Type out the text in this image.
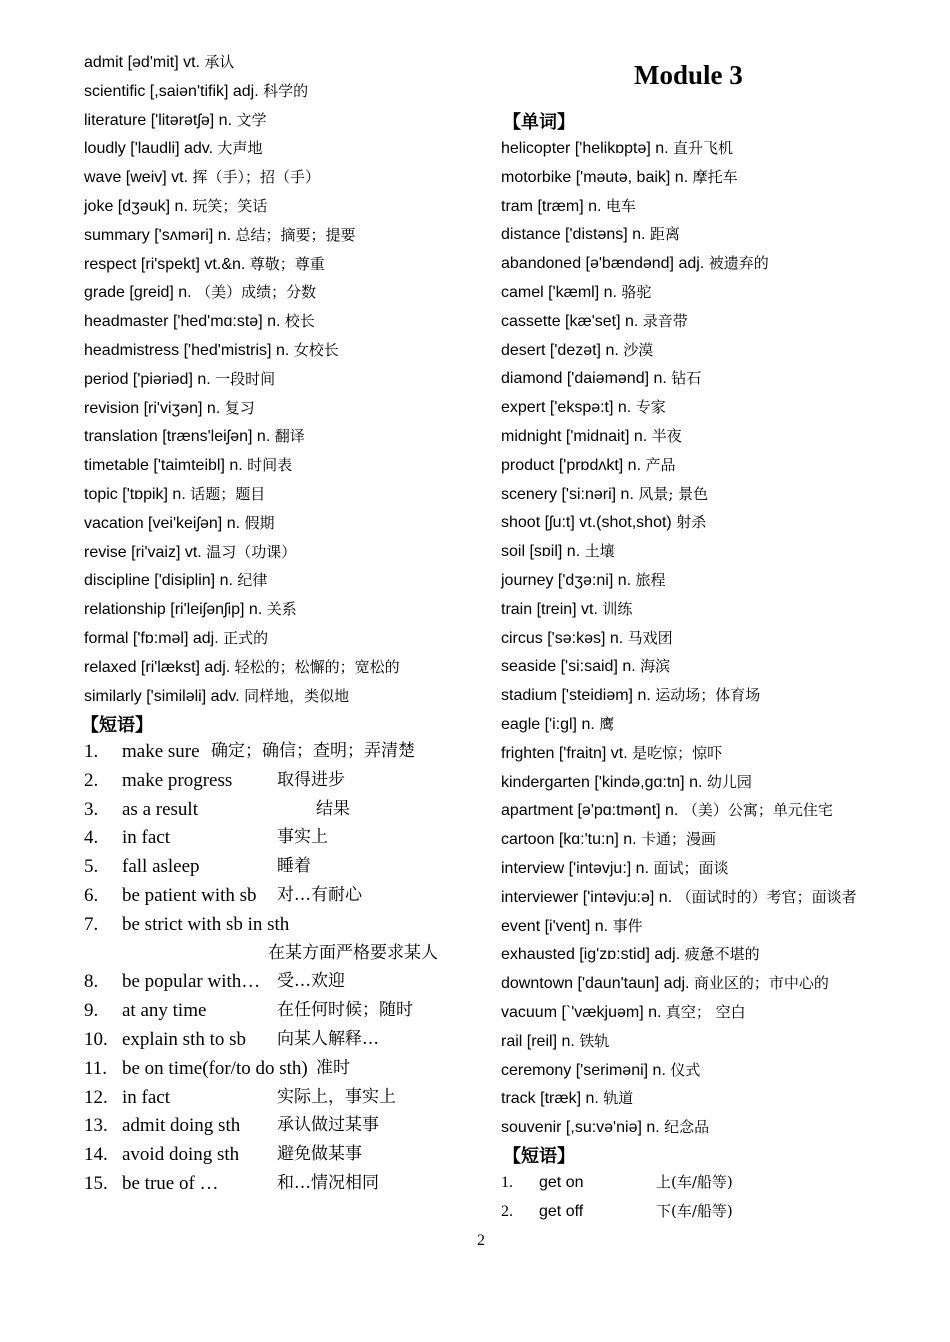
admit [əd'mit] vt. 承认
scientific [,saiən'tifik] adj. 科学的
literature ['litərətʃə] n. 文学
loudly ['laudli] adv. 大声地
wave [weiv] vt. 挥（手）；招（手）
joke [dʒəuk] n. 玩笑；笑话
summary ['sʌməri] n. 总结；摘要；提要
respect [ri'spekt] vt.&n. 尊敬；尊重
grade [greid] n. （美）成绩；分数
headmaster ['hed'mɑ:stə] n. 校长
headmistress ['hed'mistris] n. 女校长
period ['piəriəd] n. 一段时间
revision [ri'viʒən] n. 复习
translation [træns'leiʃən] n. 翻译
timetable ['taimteibl] n. 时间表
topic ['tɒpik] n. 话题；题目
vacation [vei'keiʃən] n. 假期
revise [ri'vaiz] vt. 温习（功课）
discipline ['disiplin] n. 纪律
relationship [ri'leiʃənʃip] n. 关系
formal ['fɒ:məl] adj. 正式的
relaxed [ri'lækst] adj. 轻松的；松懈的；宽松的
similarly ['similəli] adv. 同样地，类似地
【短语】
1. make sure 确定；确信；查明；弄清楚
2. make progress	取得进步
3. as a result	结果
4. in fact	事实上
5. fall asleep	睡着
6. be patient with sb 对…有耐心
7. be strict with sb in sth
在某方面严格要求某人
8. be popular with… 受…欢迎
9. at any time	在任何时候；随时
10. explain sth to sb 向某人解释…
11. be on time(for/to do sth) 准时
12. in fact	实际上，事实上
13. admit doing sth 承认做过某事
14. avoid doing sth 避免做某事
15. be true of …	和…情况相同
【单词】
helicopter ['helikɒptə] n. 直升飞机
motorbike ['məutə, baik] n. 摩托车
tram [træm] n. 电车
distance ['distəns] n. 距离
abandoned [ə'bændənd] adj. 被遗弃的
camel ['kæml] n. 骆驼
cassette [kæ'set] n. 录音带
desert ['dezət] n. 沙漠
diamond ['daiəmənd] n. 钻石
expert ['ekspə:t] n. 专家
midnight ['midnait] n. 半夜
product ['prɒdʌkt] n. 产品
scenery ['si:nəri] n. 风景; 景色
shoot [ʃu:t] vt.(shot,shot) 射杀
soil [sɒil] n. 土壤
journey ['dʒə:ni] n. 旅程
train [trein] vt. 训练
circus ['sə:kəs] n. 马戏团
seaside ['si:said] n. 海滨
stadium ['steidiəm] n. 运动场；体育场
eagle ['i:gl] n. 鹰
frighten ['fraitn] vt. 是吃惊；惊吓
kindergarten ['kində,gɑ:tn] n. 幼儿园
apartment [ə'pɑ:tmənt] n. （美）公寓；单元住宅
cartoon [kɑ:'tu:n] n. 卡通；漫画
interview ['intəvju:] n. 面试；面谈
interviewer ['intəvju:ə] n. （面试时的）考官；面谈者
event [i'vent] n. 事件
exhausted [ig'zɒ:stid] adj. 疲惫不堪的
downtown ['daun'taun] adj. 商业区的；市中心的
vacuum [`'vækjuəm] n. 真空； 空白
rail [reil] n. 铁轨
ceremony ['seriməni] n. 仪式
track [træk] n. 轨道
souvenir [,su:və'niə] n. 纪念品
【短语】
1. get on	上(车/船等)
2. get off	下(车/船等)
Module 3
2
